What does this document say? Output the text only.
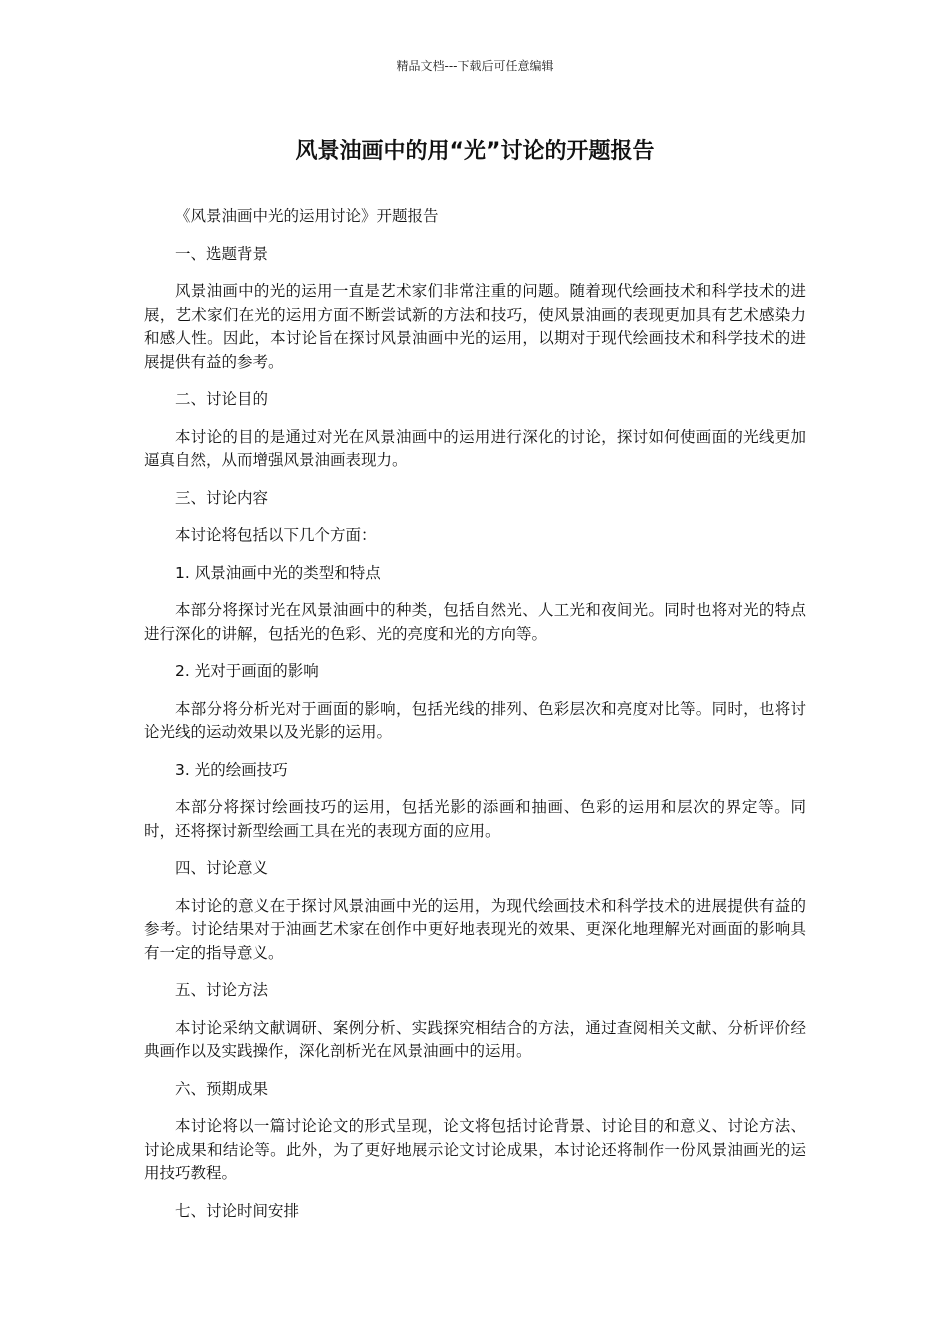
精品文档---下载后可任意编辑
风景油画中的用“光”讨论的开题报告

《风景油画中光的运用讨论》开题报告

一、选题背景

风景油画中的光的运用一直是艺术家们非常注重的问题。随着现代绘画技术和科学技术的进展，艺术家们在光的运用方面不断尝试新的方法和技巧，使风景油画的表现更加具有艺术感染力和感人性。因此，本讨论旨在探讨风景油画中光的运用，以期对于现代绘画技术和科学技术的进展提供有益的参考。

二、讨论目的

本讨论的目的是通过对光在风景油画中的运用进行深化的讨论，探讨如何使画面的光线更加逼真自然，从而增强风景油画表现力。

三、讨论内容

本讨论将包括以下几个方面：

1. 风景油画中光的类型和特点

本部分将探讨光在风景油画中的种类，包括自然光、人工光和夜间光。同时也将对光的特点进行深化的讲解，包括光的色彩、光的亮度和光的方向等。

2. 光对于画面的影响

本部分将分析光对于画面的影响，包括光线的排列、色彩层次和亮度对比等。同时，也将讨论光线的运动效果以及光影的运用。

3. 光的绘画技巧

本部分将探讨绘画技巧的运用，包括光影的添画和抽画、色彩的运用和层次的界定等。同时，还将探讨新型绘画工具在光的表现方面的应用。

四、讨论意义

本讨论的意义在于探讨风景油画中光的运用，为现代绘画技术和科学技术的进展提供有益的参考。讨论结果对于油画艺术家在创作中更好地表现光的效果、更深化地理解光对画面的影响具有一定的指导意义。

五、讨论方法

本讨论采纳文献调研、案例分析、实践探究相结合的方法，通过查阅相关文献、分析评价经典画作以及实践操作，深化剖析光在风景油画中的运用。

六、预期成果

本讨论将以一篇讨论论文的形式呈现，论文将包括讨论背景、讨论目的和意义、讨论方法、讨论成果和结论等。此外，为了更好地展示论文讨论成果，本讨论还将制作一份风景油画光的运用技巧教程。

七、讨论时间安排
